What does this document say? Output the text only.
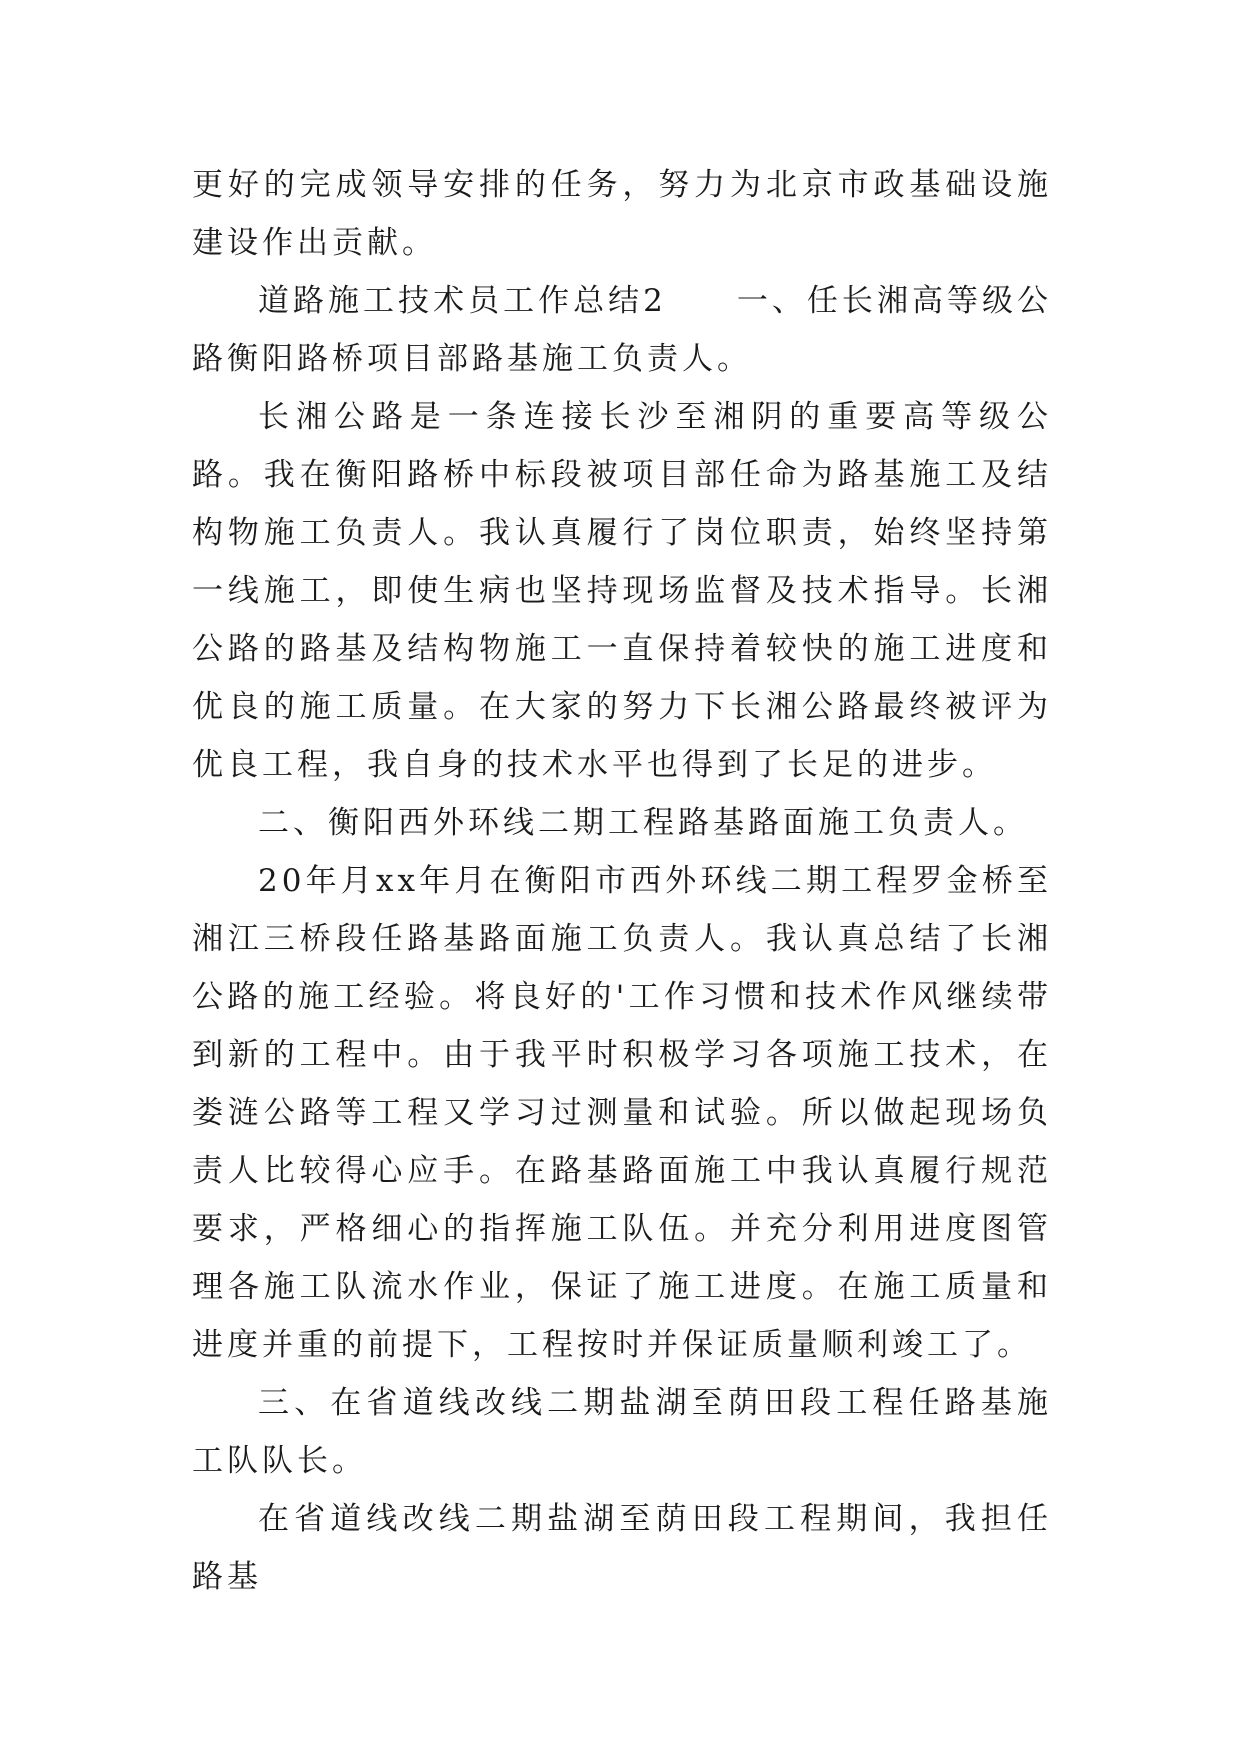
更好的完成领导安排的任务，努力为北京市政基础设施建设作出贡献。

道路施工技术员工作总结2 一、任长湘高等级公路衡阳路桥项目部路基施工负责人。

长湘公路是一条连接长沙至湘阴的重要高等级公路。我在衡阳路桥中标段被项目部任命为路基施工及结构物施工负责人。我认真履行了岗位职责，始终坚持第一线施工，即使生病也坚持现场监督及技术指导。长湘公路的路基及结构物施工一直保持着较快的施工进度和优良的施工质量。在大家的努力下长湘公路最终被评为优良工程，我自身的技术水平也得到了长足的进步。

二、衡阳西外环线二期工程路基路面施工负责人。

20年月xx年月在衡阳市西外环线二期工程罗金桥至湘江三桥段任路基路面施工负责人。我认真总结了长湘公路的施工经验。将良好的'工作习惯和技术作风继续带到新的工程中。由于我平时积极学习各项施工技术，在娄涟公路等工程又学习过测量和试验。所以做起现场负责人比较得心应手。在路基路面施工中我认真履行规范要求，严格细心的指挥施工队伍。并充分利用进度图管理各施工队流水作业，保证了施工进度。在施工质量和进度并重的前提下，工程按时并保证质量顺利竣工了。

三、在省道线改线二期盐湖至荫田段工程任路基施工队队长。

在省道线改线二期盐湖至荫田段工程期间，我担任路基
